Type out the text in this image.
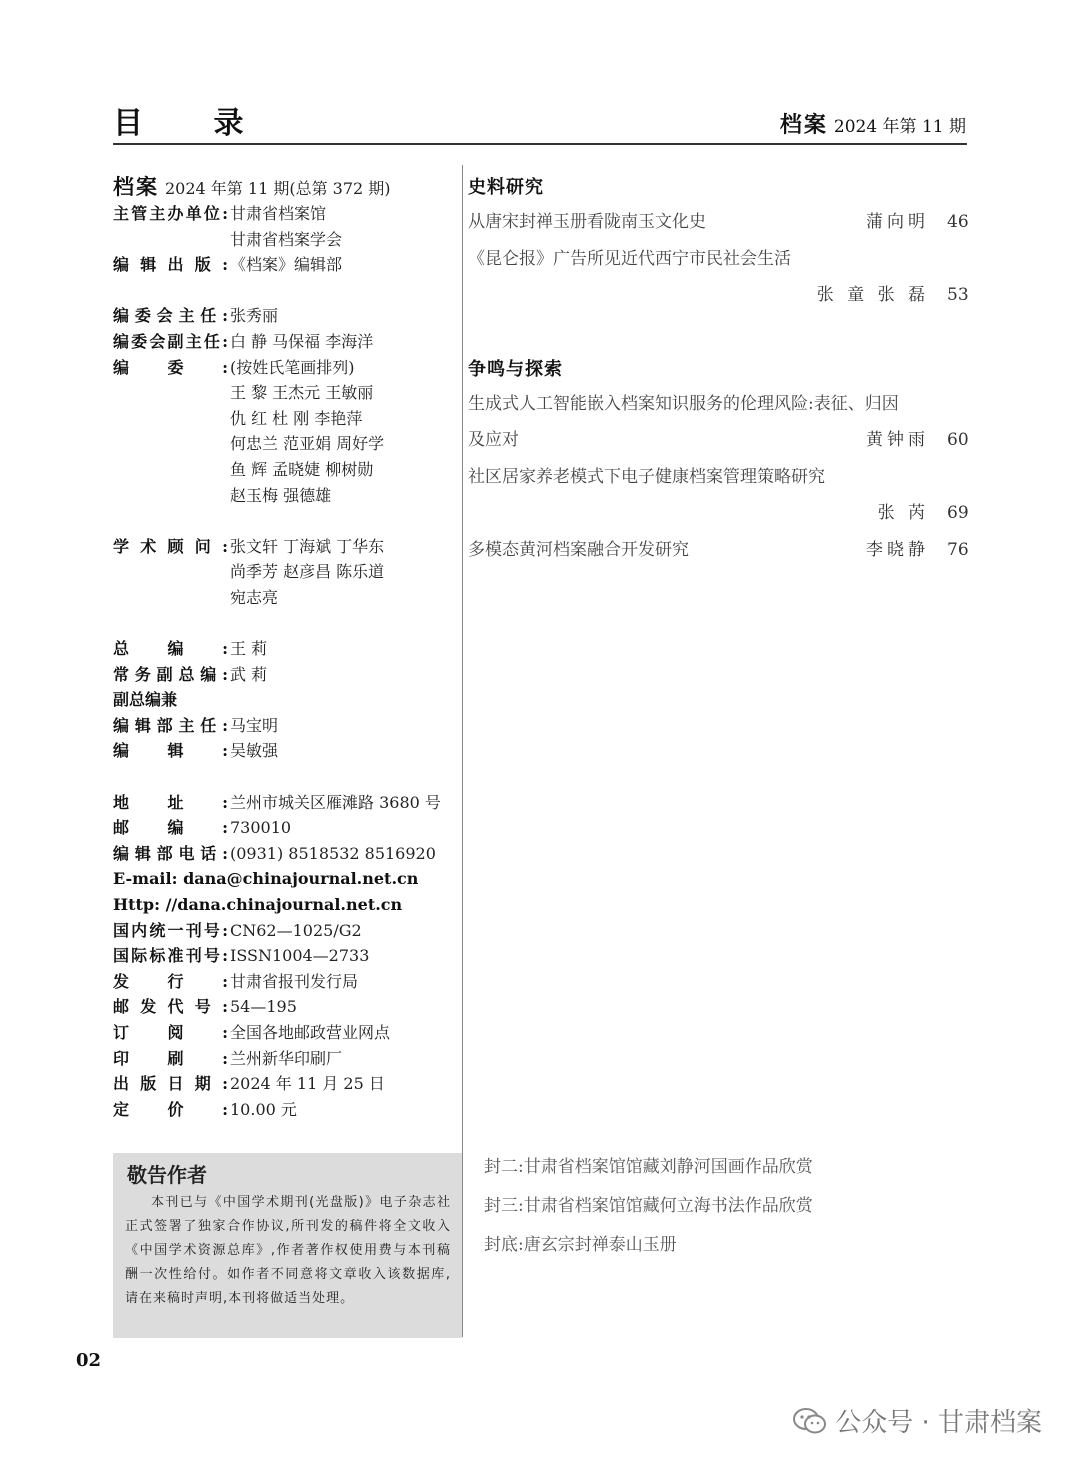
目 录	档案 2024 年第 11 期
档案 2024 年第 11 期(总第 372 期)
主管主办单位: 甘肃省档案馆
甘肃省档案学会
编辑出版: 《档案》编辑部
编委会主任: 张秀丽
编委会副主任: 白 静 马保福 李海洋
编委: (按姓氏笔画排列)
王 黎 王杰元 王敏丽
仇 红 杜 刚 李艳萍
何忠兰 范亚娟 周好学
鱼 辉 孟晓婕 柳树勋
赵玉梅 强德雄
学术顾问: 张文轩 丁海斌 丁华东
尚季芳 赵彦昌 陈乐道
宛志亮
总编: 王 莉
常务副总编: 武 莉
副总编兼
编辑部主任: 马宝明
编辑: 吴敏强
地址: 兰州市城关区雁滩路 3680 号
邮编: 730010
编辑部电话: (0931) 8518532 8516920
E-mail: dana@chinajournal.net.cn
Http: //dana.chinajournal.net.cn
国内统一刊号: CN62—1025/G2
国际标准刊号: ISSN1004—2733
发行: 甘肃省报刊发行局
邮发代号: 54—195
订阅: 全国各地邮政营业网点
印刷: 兰州新华印刷厂
出版日期: 2024 年 11 月 25 日
定价: 10.00 元
敬告作者
本刊已与《中国学术期刊(光盘版)》电子杂志社正式签署了独家合作协议,所刊发的稿件将全文收入《中国学术资源总库》,作者著作权使用费与本刊稿酬一次性给付。如作者不同意将文章收入该数据库,请在来稿时声明,本刊将做适当处理。
史料研究
从唐宋封禅玉册看陇南玉文化史	蒲向明 46
《昆仑报》广告所见近代西宁市民社会生活
张 童 张 磊 53
争鸣与探索
生成式人工智能嵌入档案知识服务的伦理风险:表征、归因
及应对	黄钟雨 60
社区居家养老模式下电子健康档案管理策略研究
张 芮 69
多模态黄河档案融合开发研究	李晓静 76
封二:甘肃省档案馆馆藏刘静河国画作品欣赏
封三:甘肃省档案馆馆藏何立海书法作品欣赏
封底:唐玄宗封禅泰山玉册
02
公众号 · 甘肃档案
